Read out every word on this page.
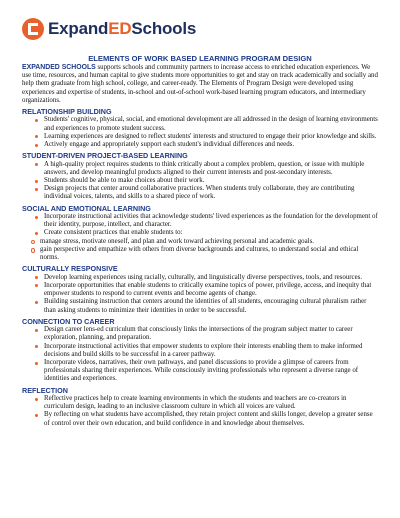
ExpandEDSchools
ELEMENTS OF WORK BASED LEARNING PROGRAM DESIGN

EXPANDED SCHOOLS supports schools and community partners to increase access to enriched education experiences. We use time, resources, and human capital to give students more opportunities to get and stay on track academically and socially and help them graduate from high school, college, and career-ready. The Elements of Program Design were developed using experiences and expertise of students, in-school and out-of-school work-based learning program educators, and intermediary organizations.

RELATIONSHIP BUILDING
Students' cognitive, physical, social, and emotional development are all addressed in the design of learning environments and experiences to promote student success.
Learning experiences are designed to reflect students' interests and structured to engage their prior knowledge and skills.
Actively engage and appropriately support each student's individual differences and needs.
STUDENT-DRIVEN PROJECT-BASED LEARNING
A high-quality project requires students to think critically about a complex problem, question, or issue with multiple answers, and develop meaningful products aligned to their current interests and post-secondary interests.
Students should be able to make choices about their work.
Design projects that center around collaborative practices. When students truly collaborate, they are contributing individual voices, talents, and skills to a shared piece of work.
SOCIAL AND EMOTIONAL LEARNING
Incorporate instructional activities that acknowledge students' lived experiences as the foundation for the development of their identity, purpose, intellect, and character.
Create consistent practices that enable students to:
manage stress, motivate oneself, and plan and work toward achieving personal and academic goals.
gain perspective and empathize with others from diverse backgrounds and cultures, to understand social and ethical norms.
CULTURALLY RESPONSIVE
Develop learning experiences using racially, culturally, and linguistically diverse perspectives, tools, and resources.
Incorporate opportunities that enable students to critically examine topics of power, privilege, access, and inequity that empower students to respond to current events and become agents of change.
Building sustaining instruction that centers around the identities of all students, encouraging cultural pluralism rather than asking students to minimize their identities in order to be successful.
CONNECTION TO CAREER
Design career lens-ed curriculum that consciously links the intersections of the program subject matter to career exploration, planning, and preparation.
Incorporate instructional activities that empower students to explore their interests enabling them to make informed decisions and build skills to be successful in a career pathway.
Incorporate videos, narratives, their own pathways, and panel discussions to provide a glimpse of careers from professionals sharing their experiences. While consciously inviting professionals who represent a diverse range of identities and experiences.
REFLECTION
Reflective practices help to create learning environments in which the students and teachers are co-creators in curriculum design, leading to an inclusive classroom culture in which all voices are valued.
By reflecting on what students have accomplished, they retain project content and skills longer, develop a greater sense of control over their own education, and build confidence in and knowledge about themselves.
